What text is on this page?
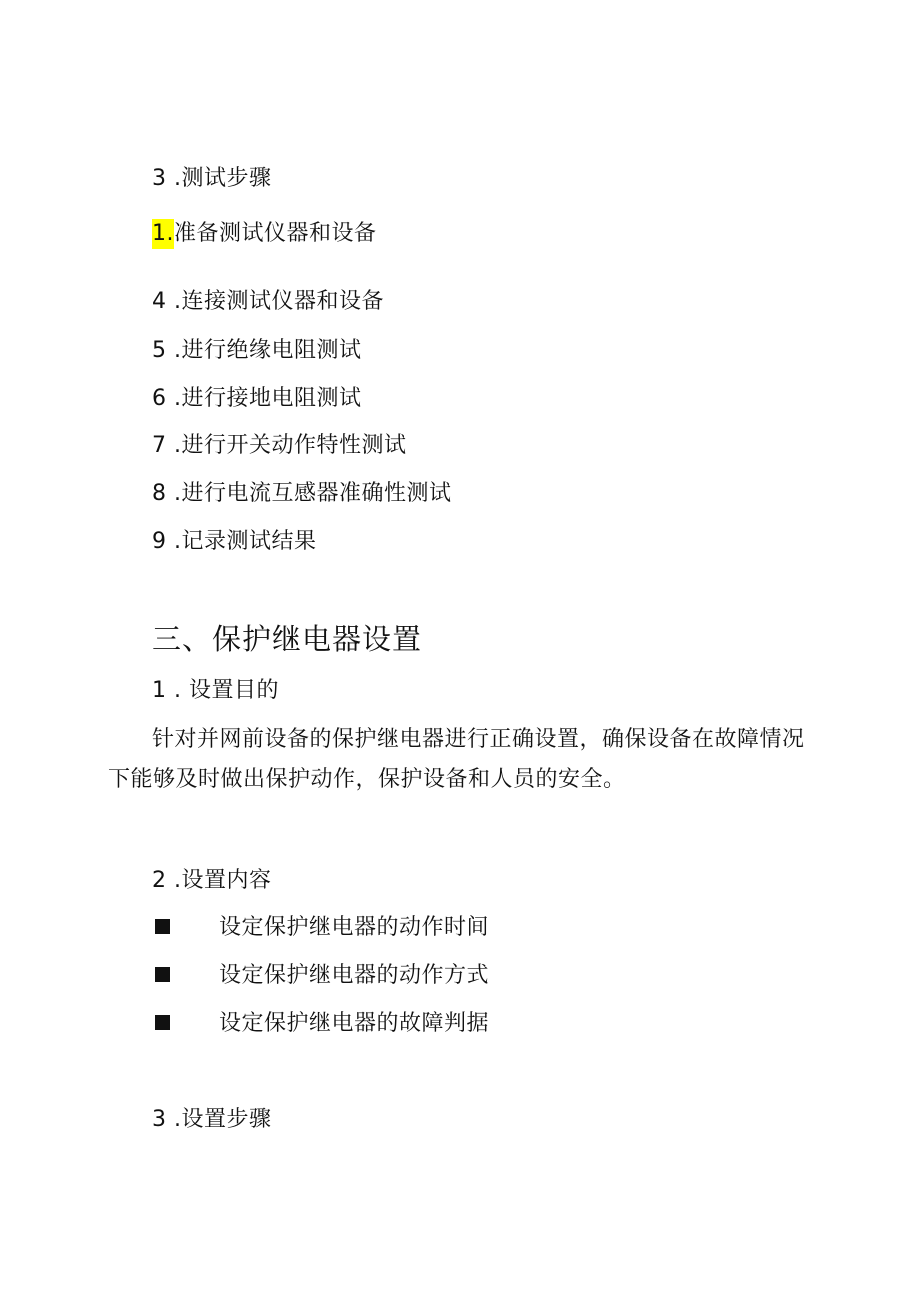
3 .测试步骤
1.准备测试仪器和设备
4 .连接测试仪器和设备
5 .进行绝缘电阻测试
6 .进行接地电阻测试
7 .进行开关动作特性测试
8 .进行电流互感器准确性测试
9 .记录测试结果
三、保护继电器设置
1 . 设置目的
针对并网前设备的保护继电器进行正确设置，确保设备在故障情况下能够及时做出保护动作，保护设备和人员的安全。
2 .设置内容
设定保护继电器的动作时间
设定保护继电器的动作方式
设定保护继电器的故障判据
3 .设置步骤
